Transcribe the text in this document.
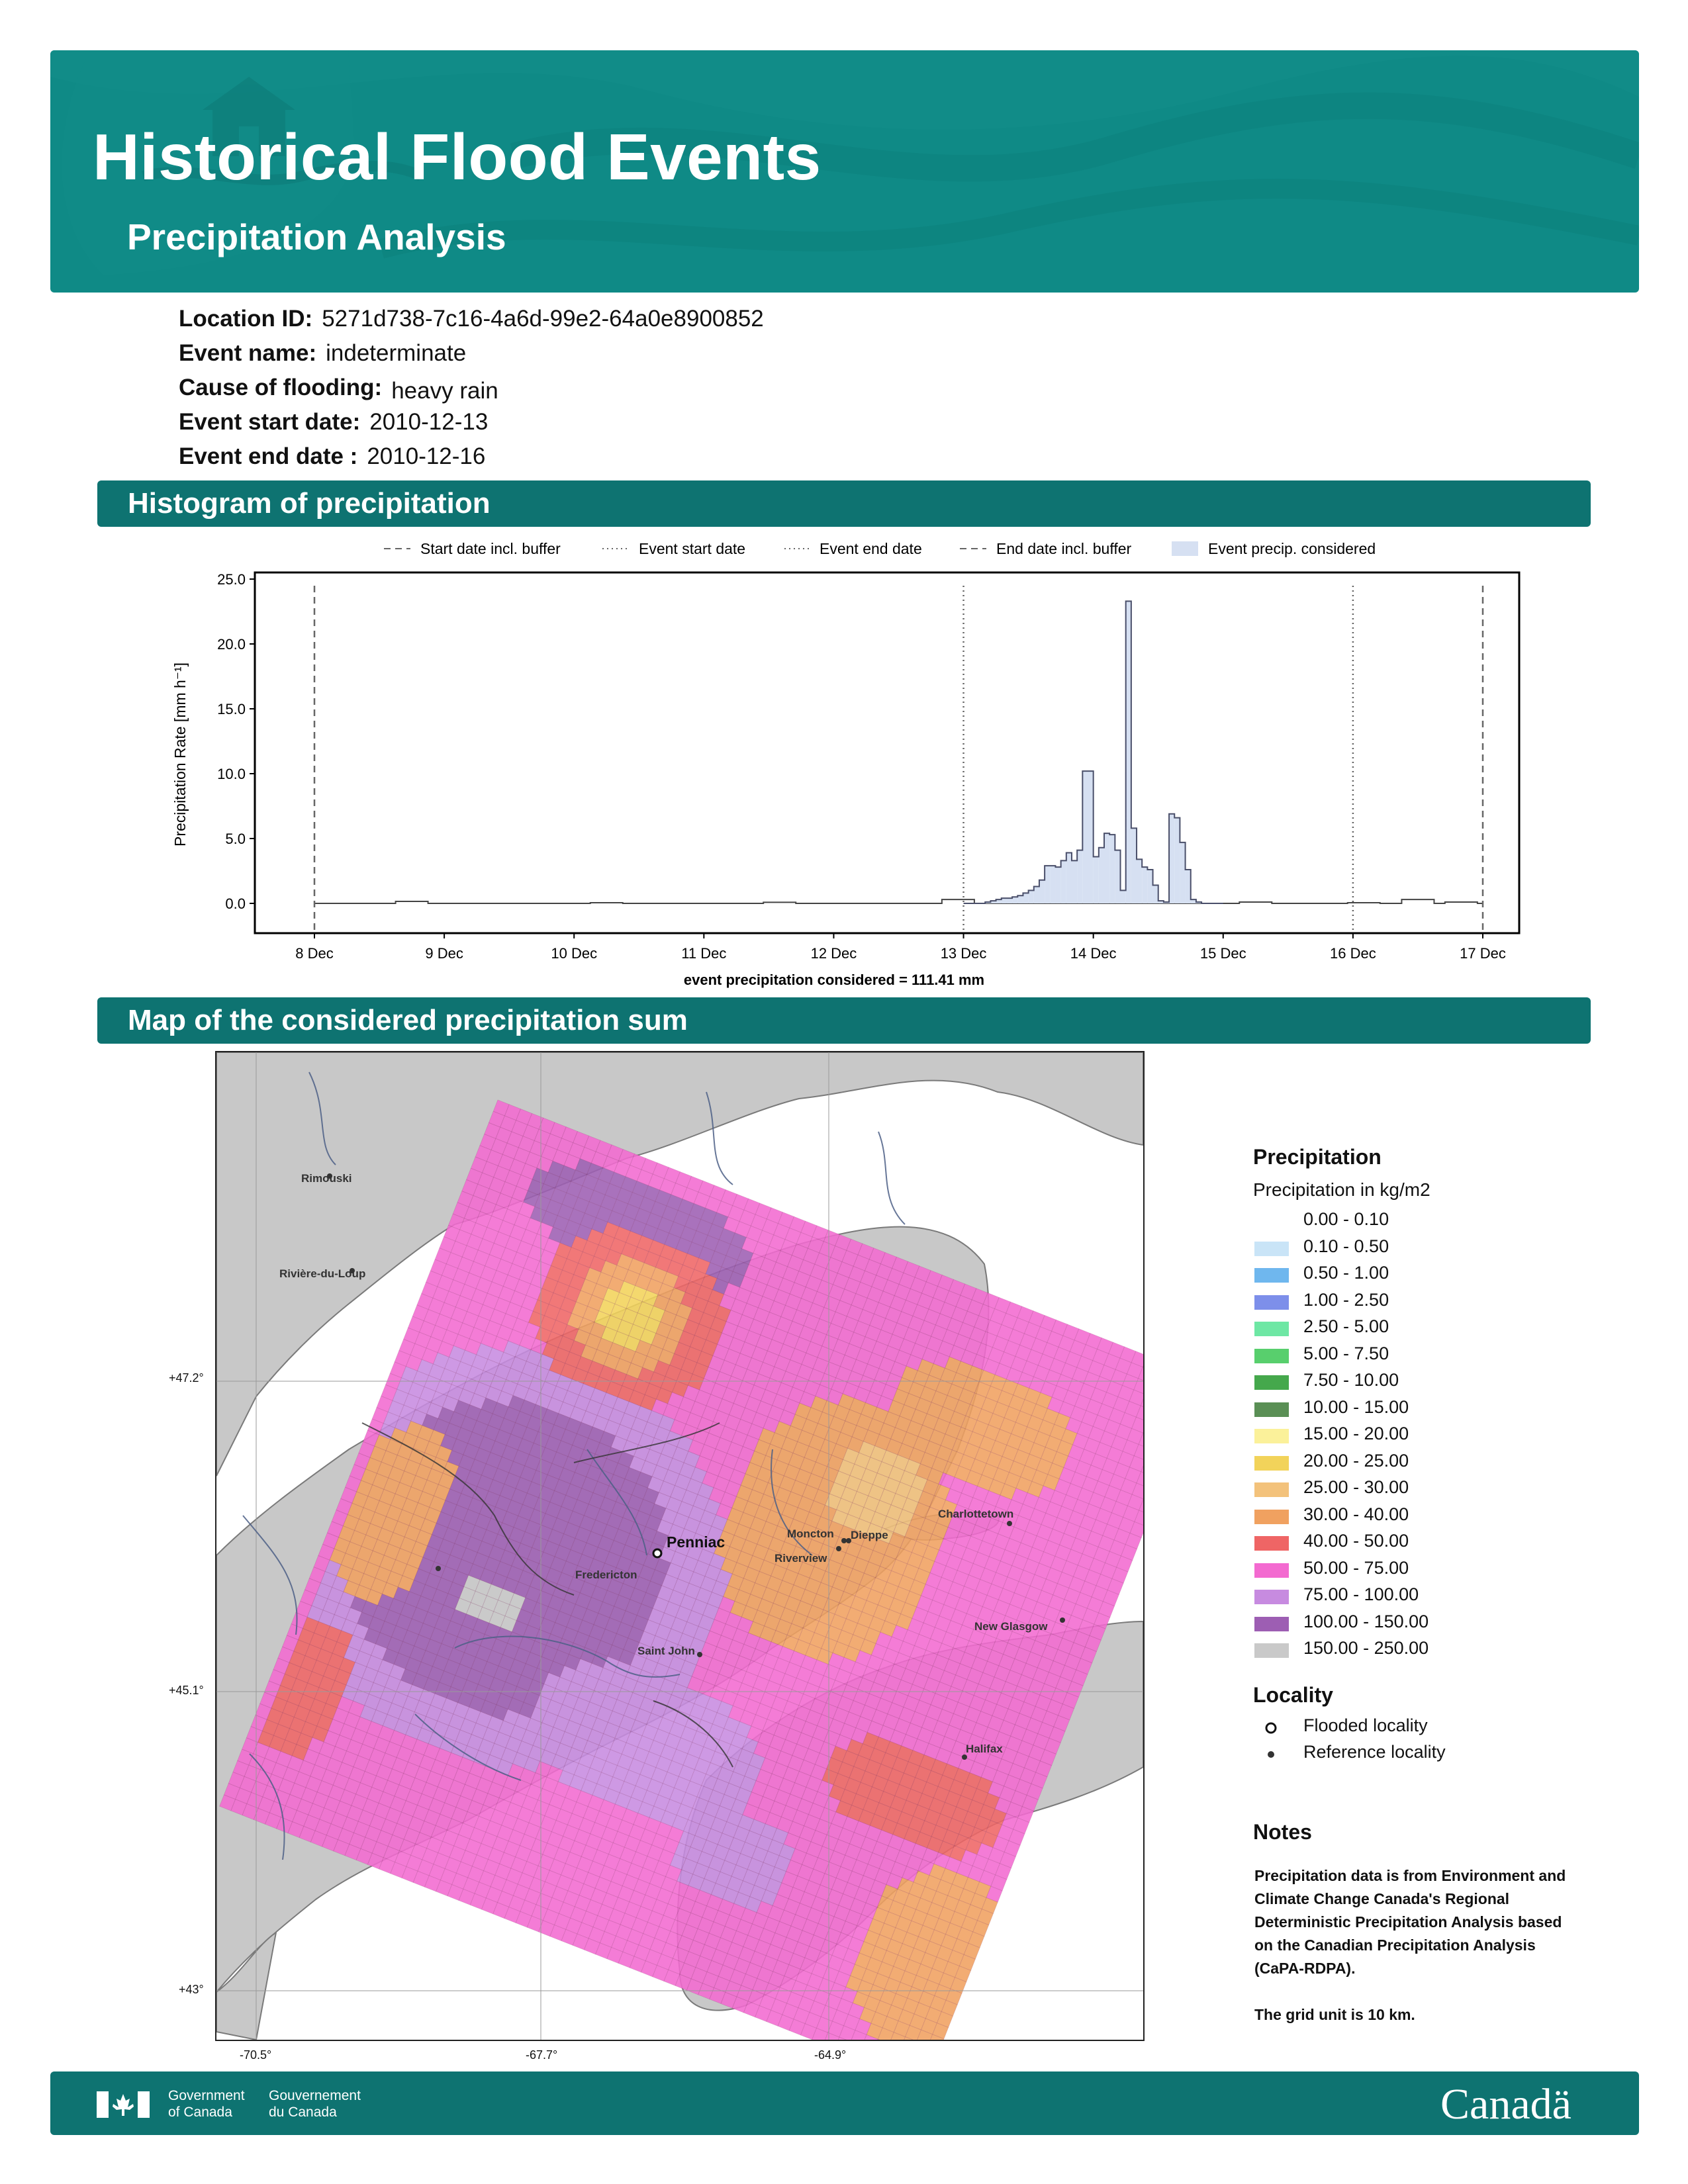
Historical Flood Events
Precipitation Analysis
Location ID: 5271d738-7c16-4a6d-99e2-64a0e8900852
Event name: indeterminate
Cause of flooding: heavy rain
Event start date: 2010-12-13
Event end date : 2010-12-16
Histogram of precipitation
Start date incl. buffer	Event start date	Event end date	End date incl. buffer	Event precip. considered
0.0
5.0
10.0
15.0
20.0
25.0
8 Dec	9 Dec	10 Dec	11 Dec	12 Dec	13 Dec	14 Dec	15 Dec	16 Dec	17 Dec
Precipitation Rate [mm h⁻¹]
event precipitation considered = 111.41 mm
Map of the considered precipitation sum
Rimouski
Rivière-du-Loup
Fredericton
Saint John
Moncton Dieppe
Riverview
Charlottetown
New Glasgow
Halifax
Penniac
+47.2°
+45.1°
+43°
-70.5°	-67.7°	-64.9°
Precipitation
Precipitation in kg/m2
0.00 - 0.10
0.10 - 0.50
0.50 - 1.00
1.00 - 2.50
2.50 - 5.00
5.00 - 7.50
7.50 - 10.00
10.00 - 15.00
15.00 - 20.00
20.00 - 25.00
25.00 - 30.00
30.00 - 40.00
40.00 - 50.00
50.00 - 75.00
75.00 - 100.00
100.00 - 150.00
150.00 - 250.00
Locality
Flooded locality
Reference locality
Notes
Precipitation data is from Environment and
Climate Change Canada's Regional
Deterministic Precipitation Analysis based
on the Canadian Precipitation Analysis
(CaPA-RDPA).
The grid unit is 10 km.
Government
of Canada
Gouvernement
du Canada	Canadä
